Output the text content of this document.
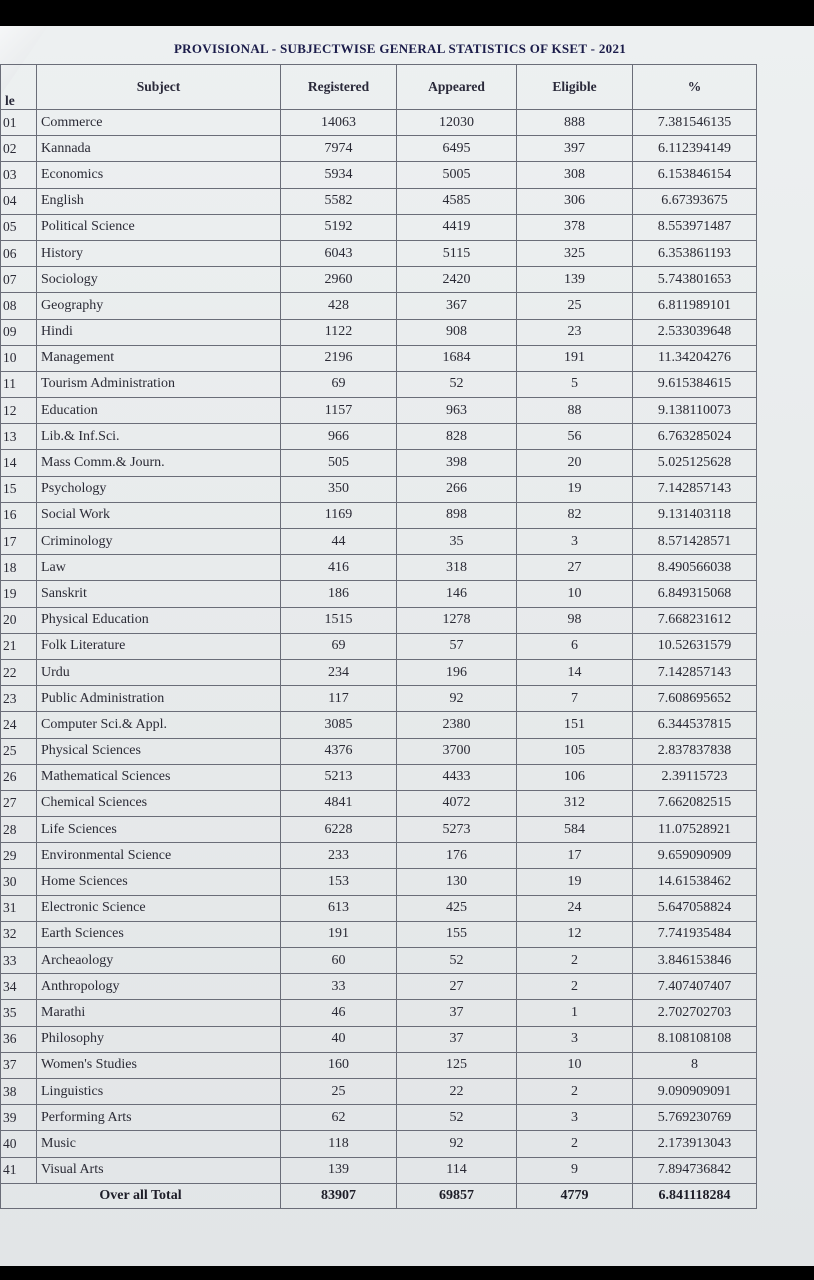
PROVISIONAL - SUBJECTWISE GENERAL STATISTICS OF KSET - 2021
le	Subject	Registered	Appeared	Eligible	%
01	Commerce	14063	12030	888	7.381546135
02	Kannada	7974	6495	397	6.112394149
03	Economics	5934	5005	308	6.153846154
04	English	5582	4585	306	6.67393675
05	Political Science	5192	4419	378	8.553971487
06	History	6043	5115	325	6.353861193
07	Sociology	2960	2420	139	5.743801653
08	Geography	428	367	25	6.811989101
09	Hindi	1122	908	23	2.533039648
10	Management	2196	1684	191	11.34204276
11	Tourism Administration	69	52	5	9.615384615
12	Education	1157	963	88	9.138110073
13	Lib.& Inf.Sci.	966	828	56	6.763285024
14	Mass Comm.& Journ.	505	398	20	5.025125628
15	Psychology	350	266	19	7.142857143
16	Social Work	1169	898	82	9.131403118
17	Criminology	44	35	3	8.571428571
18	Law	416	318	27	8.490566038
19	Sanskrit	186	146	10	6.849315068
20	Physical Education	1515	1278	98	7.668231612
21	Folk Literature	69	57	6	10.52631579
22	Urdu	234	196	14	7.142857143
23	Public Administration	117	92	7	7.608695652
24	Computer Sci.& Appl.	3085	2380	151	6.344537815
25	Physical Sciences	4376	3700	105	2.837837838
26	Mathematical Sciences	5213	4433	106	2.39115723
27	Chemical Sciences	4841	4072	312	7.662082515
28	Life Sciences	6228	5273	584	11.07528921
29	Environmental Science	233	176	17	9.659090909
30	Home Sciences	153	130	19	14.61538462
31	Electronic Science	613	425	24	5.647058824
32	Earth Sciences	191	155	12	7.741935484
33	Archeaology	60	52	2	3.846153846
34	Anthropology	33	27	2	7.407407407
35	Marathi	46	37	1	2.702702703
36	Philosophy	40	37	3	8.108108108
37	Women's Studies	160	125	10	8
38	Linguistics	25	22	2	9.090909091
39	Performing Arts	62	52	3	5.769230769
40	Music	118	92	2	2.173913043
41	Visual Arts	139	114	9	7.894736842
Over all Total		83907	69857	4779	6.841118284
